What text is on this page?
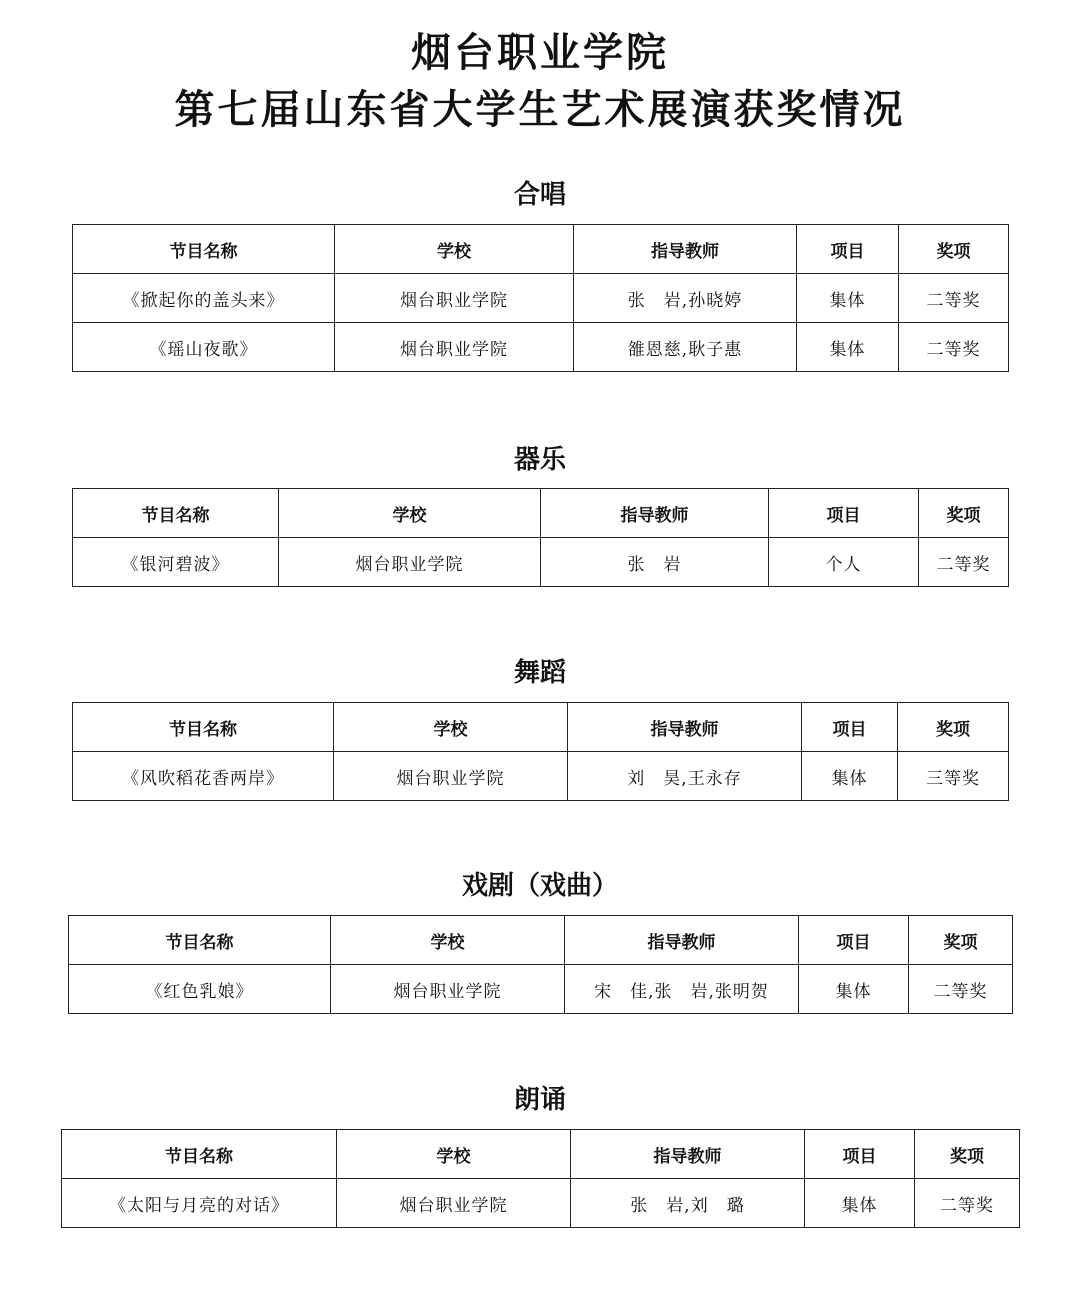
烟台职业学院
第七届山东省大学生艺术展演获奖情况
合唱
节目名称	学校	指导教师	项目	奖项
《掀起你的盖头来》	烟台职业学院	张　岩,孙晓婷	集体	二等奖
《瑶山夜歌》	烟台职业学院	雒恩慈,耿子惠	集体	二等奖
器乐
节目名称	学校	指导教师	项目	奖项
《银河碧波》	烟台职业学院	张　岩	个人	二等奖
舞蹈
节目名称	学校	指导教师	项目	奖项
《风吹稻花香两岸》	烟台职业学院	刘　昊,王永存	集体	三等奖
戏剧（戏曲）
节目名称	学校	指导教师	项目	奖项
《红色乳娘》	烟台职业学院	宋　佳,张　岩,张明贺	集体	二等奖
朗诵
节目名称	学校	指导教师	项目	奖项
《太阳与月亮的对话》	烟台职业学院	张　岩,刘　璐	集体	二等奖
